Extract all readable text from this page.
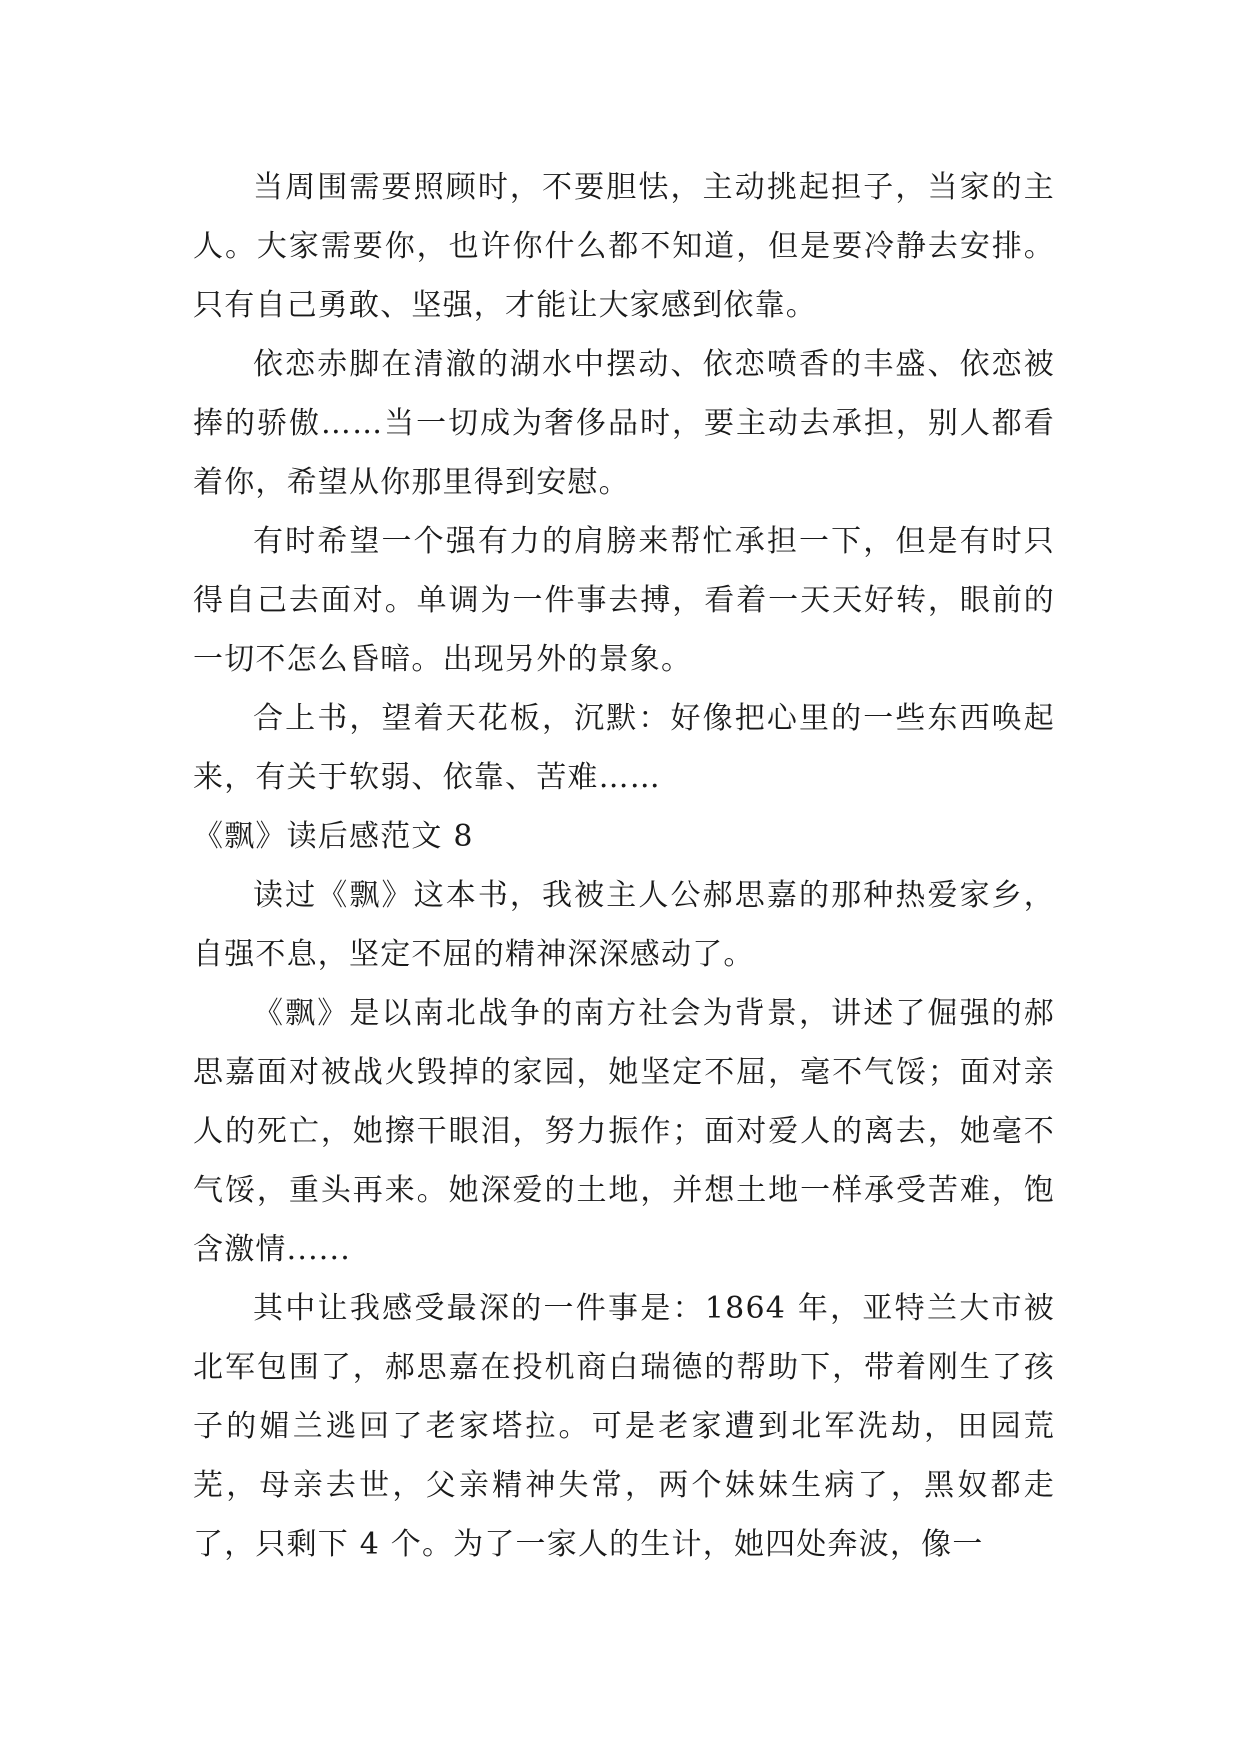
当周围需要照顾时，不要胆怯，主动挑起担子，当家的主人。大家需要你，也许你什么都不知道，但是要冷静去安排。只有自己勇敢、坚强，才能让大家感到依靠。

依恋赤脚在清澈的湖水中摆动、依恋喷香的丰盛、依恋被捧的骄傲……当一切成为奢侈品时，要主动去承担，别人都看着你，希望从你那里得到安慰。

有时希望一个强有力的肩膀来帮忙承担一下，但是有时只得自己去面对。单调为一件事去搏，看着一天天好转，眼前的一切不怎么昏暗。出现另外的景象。

合上书，望着天花板，沉默：好像把心里的一些东西唤起来，有关于软弱、依靠、苦难……

《飘》读后感范文 8

读过《飘》这本书，我被主人公郝思嘉的那种热爱家乡，自强不息，坚定不屈的精神深深感动了。

《飘》是以南北战争的南方社会为背景，讲述了倔强的郝思嘉面对被战火毁掉的家园，她坚定不屈，毫不气馁；面对亲人的死亡，她擦干眼泪，努力振作；面对爱人的离去，她毫不气馁，重头再来。她深爱的土地，并想土地一样承受苦难，饱含激情......

其中让我感受最深的一件事是：1864 年，亚特兰大市被北军包围了，郝思嘉在投机商白瑞德的帮助下，带着刚生了孩子的媚兰逃回了老家塔拉。可是老家遭到北军洗劫，田园荒芜，母亲去世，父亲精神失常，两个妹妹生病了，黑奴都走了，只剩下 4 个。为了一家人的生计，她四处奔波，像一
